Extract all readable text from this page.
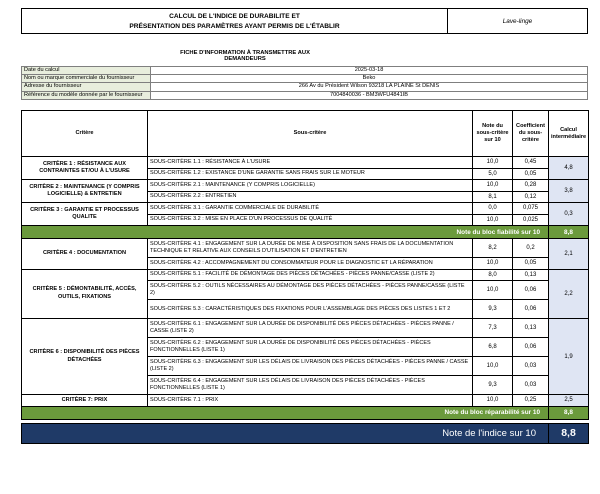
CALCUL DE L'INDICE DE DURABILITE ET
PRÉSENTATION DES PARAMÈTRES AYANT PERMIS DE L'ÉTABLIR
Lave-linge
FICHE D'INFORMATION À TRANSMETTRE AUX DEMANDEURS
Date du calcul	2025-03-18
Nom ou marque commerciale du fournisseur	Beko
Adresse du fournisseur	266 Av du Président Wilson 93218 LA PLAINE St DENIS
Référence du modèle donnée par le fournisseur	7004840036 - BM3WFU4841IB
Critère	Sous-critère	Note du sous-critère sur 10	Coefficient du sous-critère	Calcul intermédiaire
CRITÈRE 1 : RÉSISTANCE AUX CONTRAINTES ET/OU À L'USURE	SOUS-CRITÈRE 1.1 : RÉSISTANCE À L'USURE	10,0	0,45	4,8
	SOUS-CRITÈRE 1.2 : EXISTANCE D'UNE GARANTIE SANS FRAIS SUR LE MOTEUR	5,0	0,05	
CRITÈRE 2 : MAINTENANCE (Y COMPRIS LOGICIELLE) & ENTRETIEN	SOUS-CRITÈRE 2.1 : MAINTENANCE (Y COMPRIS LOGICIELLE)	10,0	0,28	3,8
	SOUS-CRITÈRE 2.2 : ENTRETIEN	8,1	0,12	
CRITÈRE 3 : GARANTIE ET PROCESSUS QUALITE	SOUS-CRITÈRE 3.1 : GARANTIE COMMERCIALE DE DURABILITÉ	0,0	0,075	0,3
	SOUS-CRITÈRE 3.2 : MISE EN PLACE D'UN PROCESSUS DE QUALITÉ	10,0	0,025	
Note du bloc fiabilité sur 10				8,8
CRITÈRE 4 : DOCUMENTATION	SOUS-CRITÈRE 4.1 : ENGAGEMENT SUR LA DURÉE DE MISE À DISPOSITION SANS FRAIS DE LA DOCUMENTATION TECHNIQUE ET RELATIVE AUX CONSEILS D'UTILISATION ET D'ENTRETIEN	8,2	0,2	2,1
	SOUS-CRITÈRE 4.2 : ACCOMPAGNEMENT DU CONSOMMATEUR POUR LE DIAGNOSTIC ET LA RÉPARATION	10,0	0,05	
CRITÈRE 5 : DÉMONTABILITÉ, ACCÈS, OUTILS, FIXATIONS	SOUS-CRITÈRE 5.1 : FACILITÉ DE DÉMONTAGE DES PIÈCES DÉTACHÉES - PIÈCES PANNE/CASSE (LISTE 2)	8,0	0,13	2,2
	SOUS-CRITÈRE 5.2 : OUTILS NÉCESSAIRES AU DÉMONTAGE DES PIÈCES DÉTACHÉES - PIÈCES PANNE/CASSE (LISTE 2)	10,0	0,06	
	SOUS-CRITÈRE 5.3 : CARACTÉRISTIQUES DES FIXATIONS POUR L'ASSEMBLAGE DES PIÈCES DES LISTES 1 ET 2	9,3	0,06	
CRITÈRE 6 : DISPONIBILITÉ DES PIÈCES DÉTACHÉES	SOUS-CRITÈRE 6.1 : ENGAGEMENT SUR LA DURÉE DE DISPONIBILITÉ DES PIÈCES DÉTACHÉES - PIÈCES PANNE / CASSE (LISTE 2)	7,3	0,13	1,9
	SOUS-CRITÈRE 6.2 : ENGAGEMENT SUR LA DURÉE DE DISPONIBILITÉ DES PIÈCES DÉTACHÉES - PIÈCES FONCTIONNELLES (LISTE 1)	6,8	0,06	
	SOUS-CRITÈRE 6.3 : ENGAGEMENT SUR LES DÉLAIS DE LIVRAISON DES PIÈCES DÉTACHÉES - PIÈCES PANNE / CASSE (LISTE 2)	10,0	0,03	
	SOUS-CRITÈRE 6.4 : ENGAGEMENT SUR LES DÉLAIS DE LIVRAISON DES PIÈCES DÉTACHÉES - PIÈCES FONCTIONNELLES (LISTE 1)	9,3	0,03	
CRITÈRE 7: PRIX	SOUS-CRITÈRE 7.1 : PRIX	10,0	0,25	2,5
Note du bloc réparabilité sur 10				8,8

Note de l'indice sur 10				8,8
